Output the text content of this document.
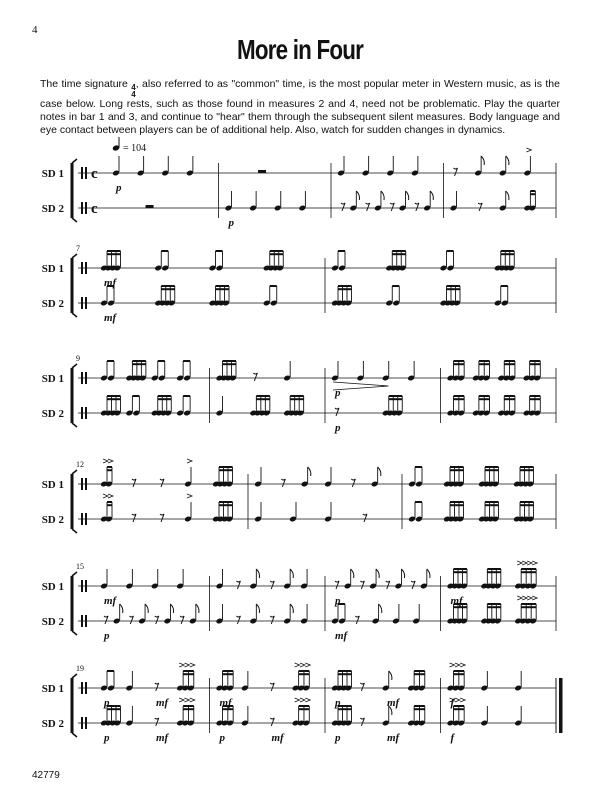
4
More in Four
The time signature 4
4
, also referred to as "common" time, is the most popular meter in Western music, as is the case below. Long rests, such as those found in measures 2 and 4, need not be problematic. Play the quarter notes in bar 1 and 3, and continue to "hear" them through the subsequent silent measures. Body language and eye contact between players can be of additional help. Also, watch for sudden changes in dynamics.
SD 1 c
SD 2 c
p
p
= 104
SD 1
SD 2
7
mf
mf
SD 1
SD 2
9
p
p
SD 1
SD 2
12
SD 1
SD 2
15
mf	p	mf
p	mf
SD 1
SD 2
19
p	mf	mf	p	mf	f
p	mf	p	mf	p	mf	f
42779
